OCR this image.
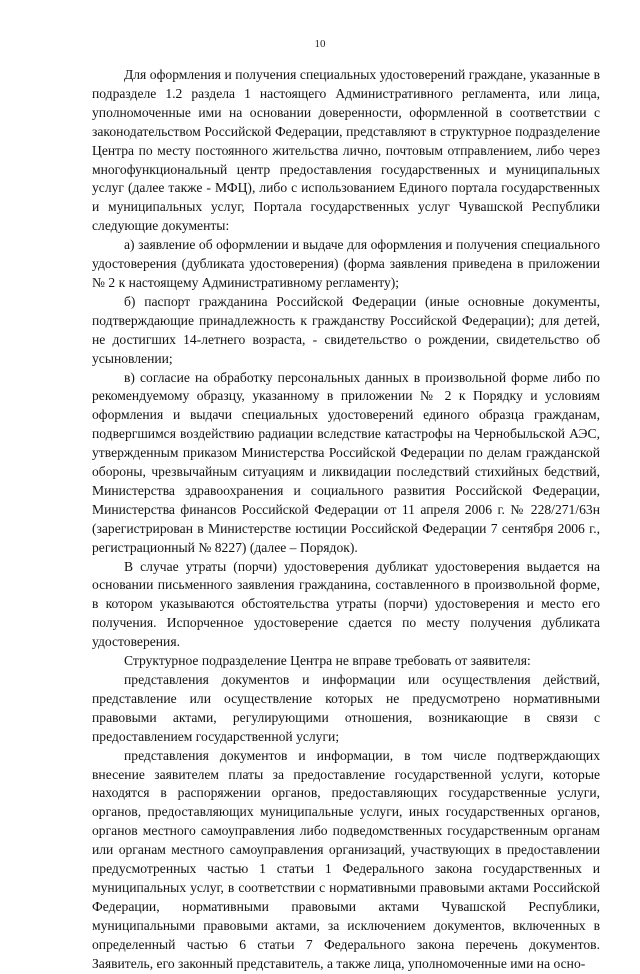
10

Для оформления и получения специальных удостоверений граждане, указанные в подразделе 1.2 раздела 1 настоящего Административного регламента, или лица, уполномоченные ими на основании доверенности, оформленной в соответствии с законодательством Российской Федерации, представляют в структурное подразделение Центра по месту постоянного жительства лично, почтовым отправлением, либо через многофункциональный центр предоставления государственных и муниципальных услуг (далее также - МФЦ), либо с использованием Единого портала государственных и муниципальных услуг, Портала государственных услуг Чувашской Республики следующие документы:

а) заявление об оформлении и выдаче для оформления и получения специального удостоверения (дубликата удостоверения) (форма заявления приведена в приложении № 2 к настоящему Административному регламенту);

б) паспорт гражданина Российской Федерации (иные основные документы, подтверждающие принадлежность к гражданству Российской Федерации); для детей, не достигших 14-летнего возраста, - свидетельство о рождении, свидетельство об усыновлении;

в) согласие на обработку персональных данных в произвольной форме либо по рекомендуемому образцу, указанному в приложении № 2 к Порядку и условиям оформления и выдачи специальных удостоверений единого образца гражданам, подвергшимся воздействию радиации вследствие катастрофы на Чернобыльской АЭС, утвержденным приказом Министерства Российской Федерации по делам гражданской обороны, чрезвычайным ситуациям и ликвидации последствий стихийных бедствий, Министерства здравоохранения и социального развития Российской Федерации, Министерства финансов Российской Федерации от 11 апреля 2006 г. № 228/271/63н (зарегистрирован в Министерстве юстиции Российской Федерации 7 сентября 2006 г., регистрационный № 8227) (далее – Порядок).

В случае утраты (порчи) удостоверения дубликат удостоверения выдается на основании письменного заявления гражданина, составленного в произвольной форме, в котором указываются обстоятельства утраты (порчи) удостоверения и место его получения. Испорченное удостоверение сдается по месту получения дубликата удостоверения.

Структурное подразделение Центра не вправе требовать от заявителя:

представления документов и информации или осуществления действий, представление или осуществление которых не предусмотрено нормативными правовыми актами, регулирующими отношения, возникающие в связи с предоставлением государственной услуги;

представления документов и информации, в том числе подтверждающих внесение заявителем платы за предоставление государственной услуги, которые находятся в распоряжении органов, предоставляющих государственные услуги, органов, предоставляющих муниципальные услуги, иных государственных органов, органов местного самоуправления либо подведомственных государственным органам или органам местного самоуправления организаций, участвующих в предоставлении предусмотренных частью 1 статьи 1 Федерального закона государственных и муниципальных услуг, в соответствии с нормативными правовыми актами Российской Федерации, нормативными правовыми актами Чувашской Республики, муниципальными правовыми актами, за исключением документов, включенных в определенный частью 6 статьи 7 Федерального закона перечень документов. Заявитель, его законный представитель, а также лица, уполномоченные ими на осно-
